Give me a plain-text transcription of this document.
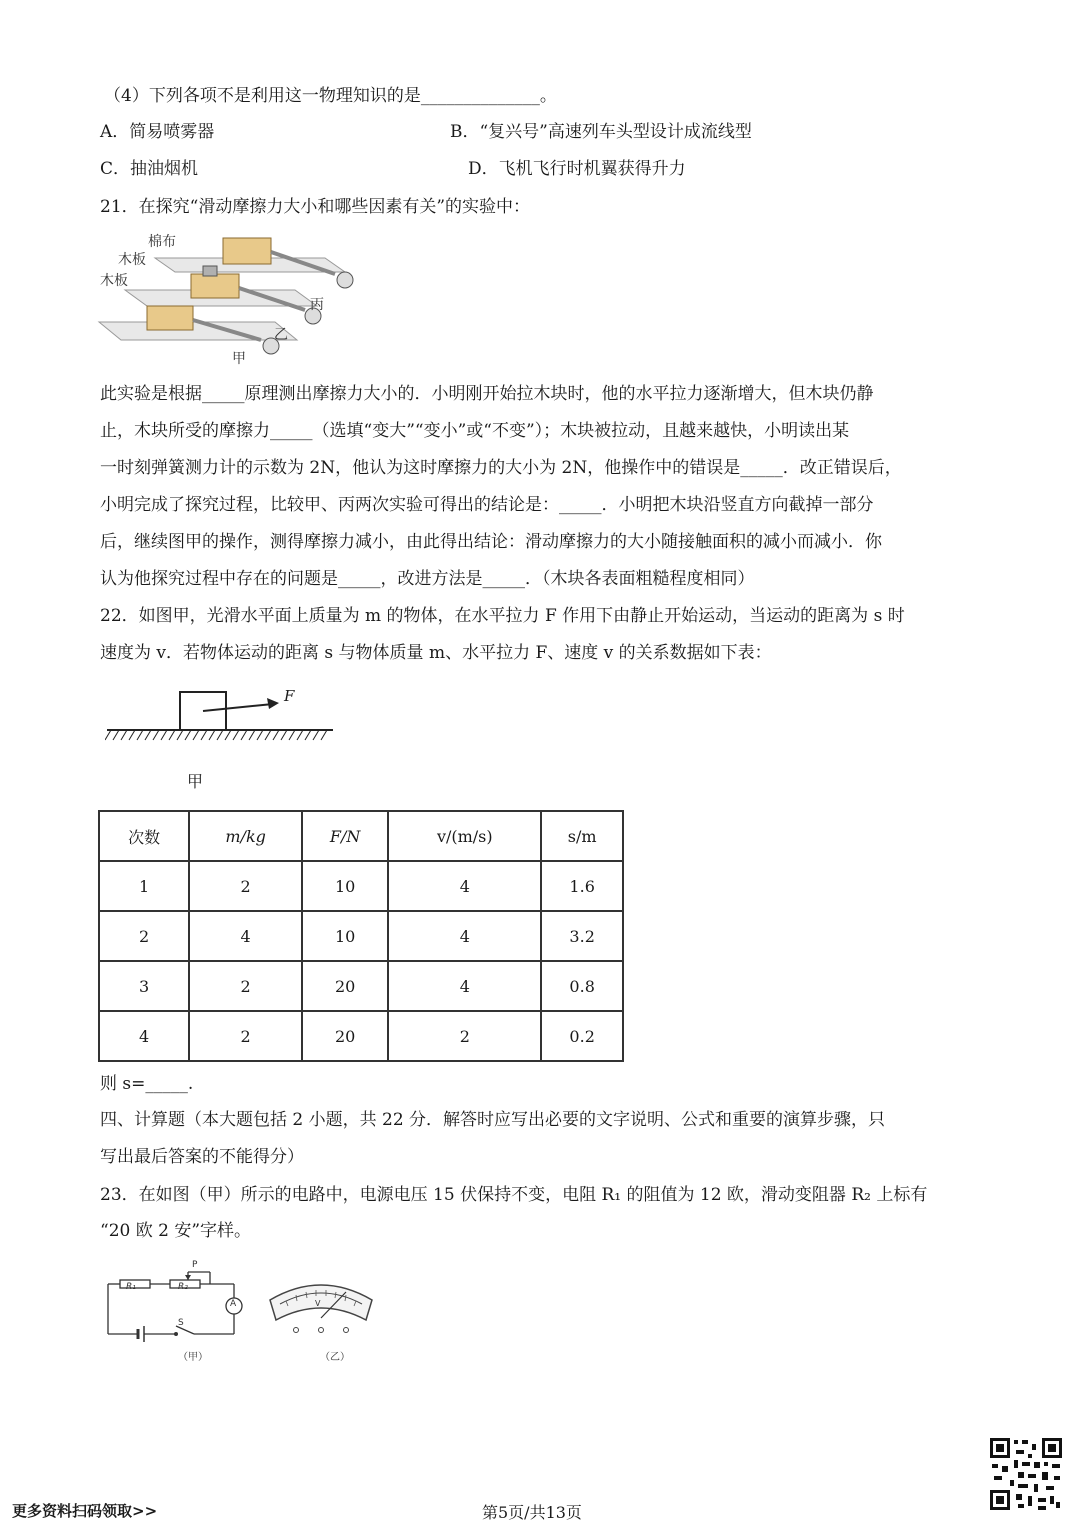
（4）下列各项不是利用这一物理知识的是______________。
A．简易喷雾器	B．“复兴号”高速列车头型设计成流线型
C．抽油烟机	D．飞机飞行时机翼获得升力
21．在探究“滑动摩擦力大小和哪些因素有关”的实验中：
棉布
木板
木板
丙
乙
甲
此实验是根据_____原理测出摩擦力大小的．小明刚开始拉木块时，他的水平拉力逐渐增大，但木块仍静
止，木块所受的摩擦力_____（选填“变大”“变小”或“不变”）；木块被拉动，且越来越快，小明读出某
一时刻弹簧测力计的示数为 2N，他认为这时摩擦力的大小为 2N，他操作中的错误是_____．改正错误后，
小明完成了探究过程，比较甲、丙两次实验可得出的结论是：_____．小明把木块沿竖直方向截掉一部分
后，继续图甲的操作，测得摩擦力减小，由此得出结论：滑动摩擦力的大小随接触面积的减小而减小．你
认为他探究过程中存在的问题是_____，改进方法是_____．（木块各表面粗糙程度相同）
22．如图甲，光滑水平面上质量为 m 的物体，在水平拉力 F 作用下由静止开始运动，当运动的距离为 s 时
速度为 v．若物体运动的距离 s 与物体质量 m、水平拉力 F、速度 v 的关系数据如下表：
F
甲
次数	m/kg	F/N	v/(m/s)	s/m
1	2	10	4	1.6
2	4	10	4	3.2
3	2	20	4	0.8
4	2	20	2	0.2
则 s=_____.
四、计算题（本大题包括 2 小题，共 22 分．解答时应写出必要的文字说明、公式和重要的演算步骤，只
写出最后答案的不能得分）
23．在如图（甲）所示的电路中，电源电压 15 伏保持不变，电阻 R₁ 的阻值为 12 欧，滑动变阻器 R₂ 上标有
“20 欧 2 安”字样。
R₁	R₂
P
A
S
（甲）
V
（乙）
更多资料扫码领取>>	第5页/共13页
